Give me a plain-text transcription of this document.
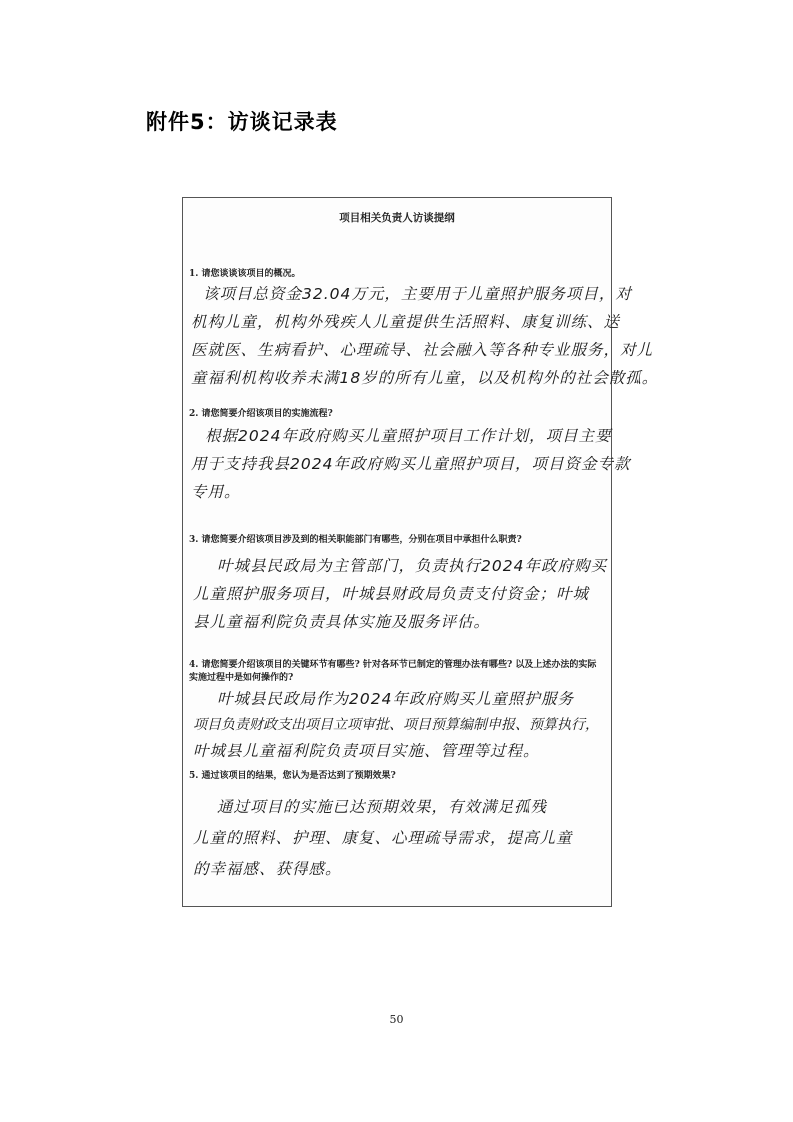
附件5：访谈记录表
项目相关负责人访谈提纲
1. 请您谈谈该项目的概况。
该项目总资金32.04万元，主要用于儿童照护服务项目，对
机构儿童，机构外残疾人儿童提供生活照料、康复训练、送
医就医、生病看护、心理疏导、社会融入等各种专业服务，对儿
童福利机构收养未满18岁的所有儿童，以及机构外的社会散孤。
2. 请您简要介绍该项目的实施流程?
根据2024年政府购买儿童照护项目工作计划，项目主要
用于支持我县2024年政府购买儿童照护项目，项目资金专款
专用。
3. 请您简要介绍该项目涉及到的相关职能部门有哪些，分别在项目中承担什么职责?
叶城县民政局为主管部门，负责执行2024年政府购买
儿童照护服务项目，叶城县财政局负责支付资金；叶城
县儿童福利院负责具体实施及服务评估。
4. 请您简要介绍该项目的关键环节有哪些? 针对各环节已制定的管理办法有哪些? 以及上述办法的实际实施过程中是如何操作的?
叶城县民政局作为2024年政府购买儿童照护服务
项目负责财政支出项目立项审批、项目预算编制申报、预算执行，
叶城县儿童福利院负责项目实施、管理等过程。
5. 通过该项目的结果，您认为是否达到了预期效果?
通过项目的实施已达预期效果，有效满足孤残
儿童的照料、护理、康复、心理疏导需求，提高儿童
的幸福感、获得感。
50
